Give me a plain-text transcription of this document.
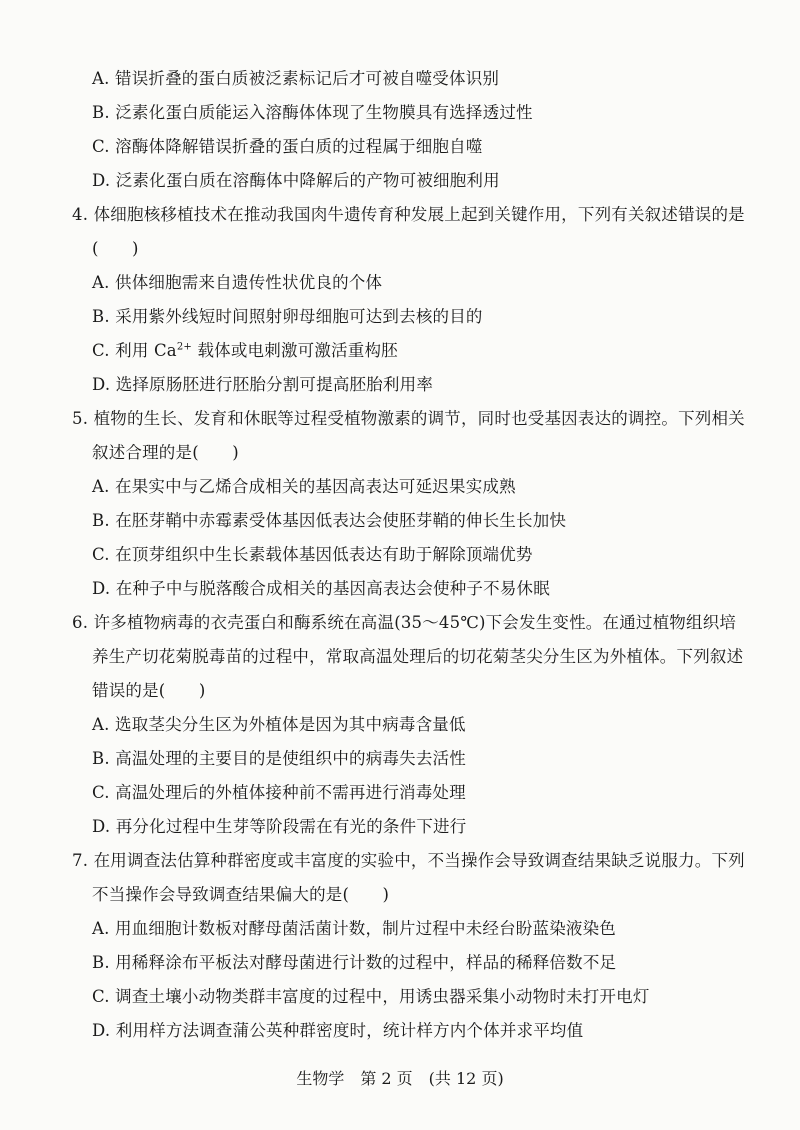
A. 错误折叠的蛋白质被泛素标记后才可被自噬受体识别
B. 泛素化蛋白质能运入溶酶体体现了生物膜具有选择透过性
C. 溶酶体降解错误折叠的蛋白质的过程属于细胞自噬
D. 泛素化蛋白质在溶酶体中降解后的产物可被细胞利用
4. 体细胞核移植技术在推动我国肉牛遗传育种发展上起到关键作用，下列有关叙述错误的是
(　　)
A. 供体细胞需来自遗传性状优良的个体
B. 采用紫外线短时间照射卵母细胞可达到去核的目的
C. 利用 $Ca^{2+}$ 载体或电刺激可激活重构胚
D. 选择原肠胚进行胚胎分割可提高胚胎利用率
5. 植物的生长、发育和休眠等过程受植物激素的调节，同时也受基因表达的调控。下列相关
叙述合理的是(　　)
A. 在果实中与乙烯合成相关的基因高表达可延迟果实成熟
B. 在胚芽鞘中赤霉素受体基因低表达会使胚芽鞘的伸长生长加快
C. 在顶芽组织中生长素载体基因低表达有助于解除顶端优势
D. 在种子中与脱落酸合成相关的基因高表达会使种子不易休眠
6. 许多植物病毒的衣壳蛋白和酶系统在高温(35～45℃)下会发生变性。在通过植物组织培
养生产切花菊脱毒苗的过程中，常取高温处理后的切花菊茎尖分生区为外植体。下列叙述
错误的是(　　)
A. 选取茎尖分生区为外植体是因为其中病毒含量低
B. 高温处理的主要目的是使组织中的病毒失去活性
C. 高温处理后的外植体接种前不需再进行消毒处理
D. 再分化过程中生芽等阶段需在有光的条件下进行
7. 在用调查法估算种群密度或丰富度的实验中，不当操作会导致调查结果缺乏说服力。下列
不当操作会导致调查结果偏大的是(　　)
A. 用血细胞计数板对酵母菌活菌计数，制片过程中未经台盼蓝染液染色
B. 用稀释涂布平板法对酵母菌进行计数的过程中，样品的稀释倍数不足
C. 调查土壤小动物类群丰富度的过程中，用诱虫器采集小动物时未打开电灯
D. 利用样方法调查蒲公英种群密度时，统计样方内个体并求平均值
生物学　第 2 页　(共 12 页)
